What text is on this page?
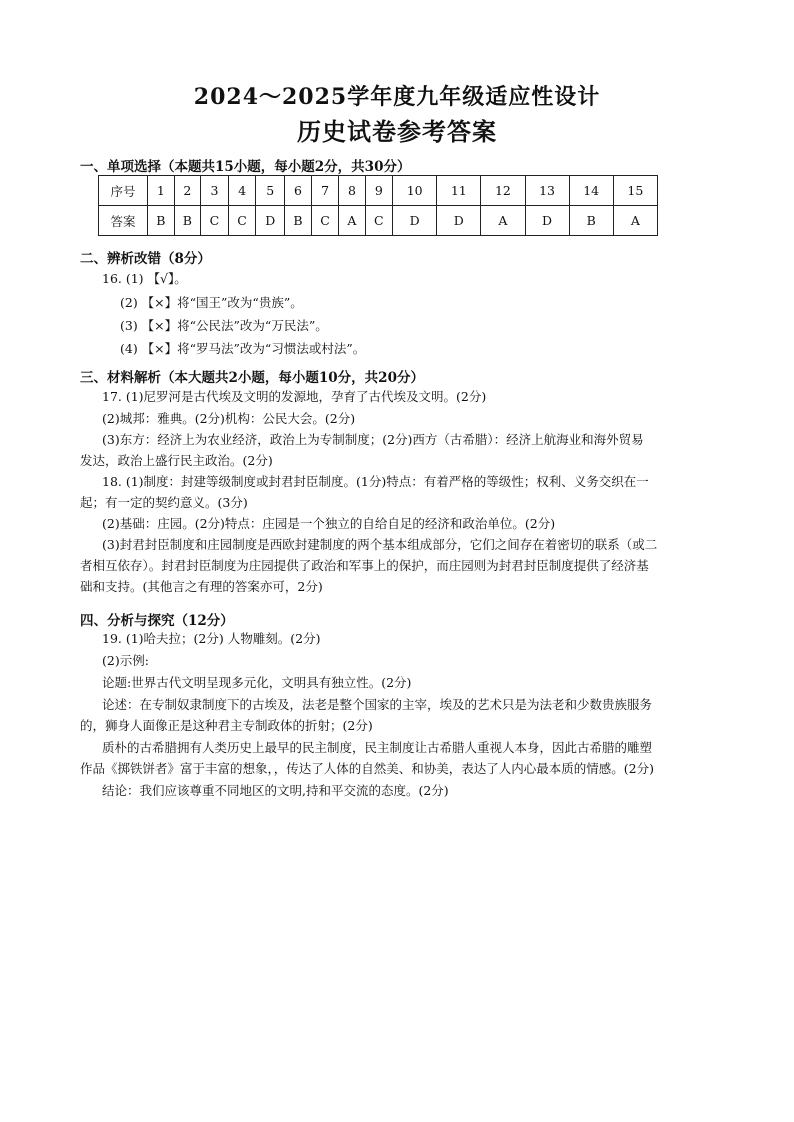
2024～2025学年度九年级适应性设计
历史试卷参考答案
一、单项选择（本题共15小题，每小题2分，共30分）
序号	1	2	3	4	5	6	7	8	9	10	11	12	13	14	15
答案	B	B	C	C	D	B	C	A	C	D	D	A	D	B	A
二、辨析改错（8分）
16. (1) 【√】。
(2) 【×】将“国王”改为“贵族”。
(3) 【×】将“公民法”改为“万民法”。
(4) 【×】将“罗马法”改为“习惯法或村法”。
三、材料解析（本大题共2小题，每小题10分，共20分）
17. (1)尼罗河是古代埃及文明的发源地，孕育了古代埃及文明。(2分)
(2)城邦：雅典。(2分)机构：公民大会。(2分)
(3)东方：经济上为农业经济，政治上为专制制度；(2分)西方（古希腊）：经济上航海业和海外贸易
发达，政治上盛行民主政治。(2分)
18. (1)制度：封建等级制度或封君封臣制度。(1分)特点：有着严格的等级性；权利、义务交织在一
起；有一定的契约意义。(3分)
(2)基础：庄园。(2分)特点：庄园是一个独立的自给自足的经济和政治单位。(2分)
(3)封君封臣制度和庄园制度是西欧封建制度的两个基本组成部分，它们之间存在着密切的联系（或二
者相互依存）。封君封臣制度为庄园提供了政治和军事上的保护，而庄园则为封君封臣制度提供了经济基
础和支持。(其他言之有理的答案亦可，2分)
四、分析与探究（12分）
19. (1)哈夫拉；(2分) 人物雕刻。(2分)
(2)示例:
论题:世界古代文明呈现多元化，文明具有独立性。(2分)
论述：在专制奴隶制度下的古埃及，法老是整个国家的主宰，埃及的艺术只是为法老和少数贵族服务
的，狮身人面像正是这种君主专制政体的折射；(2分)
质朴的古希腊拥有人类历史上最早的民主制度，民主制度让古希腊人重视人本身，因此古希腊的雕塑
作品《掷铁饼者》富于丰富的想象，，传达了人体的自然美、和协美，表达了人内心最本质的情感。(2分)
结论：我们应该尊重不同地区的文明,持和平交流的态度。(2分)
